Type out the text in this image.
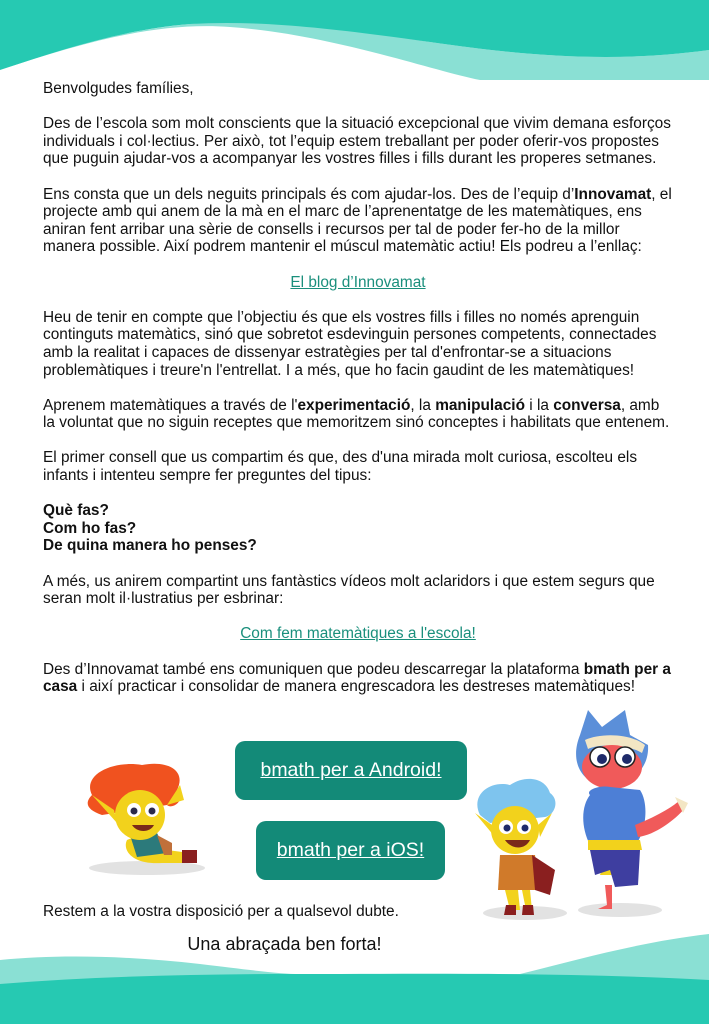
Benvolgudes famílies,

Des de l’escola som molt conscients que la situació excepcional que vivim demana esforços individuals i col·lectius. Per això, tot l’equip estem treballant per poder oferir-vos propostes que puguin ajudar-vos a acompanyar les vostres filles i fills durant les properes setmanes.

Ens consta que un dels neguits principals és com ajudar-los. Des de l’equip d’Innovamat, el projecte amb qui anem de la mà en el marc de l’aprenentatge de les matemàtiques, ens aniran fent arribar una sèrie de consells i recursos per tal de poder fer-ho de la millor manera possible. Així podrem mantenir el múscul matemàtic actiu! Els podreu a l’enllaç:

El blog d’Innovamat

Heu de tenir en compte que l’objectiu és que els vostres fills i filles no només aprenguin continguts matemàtics, sinó que sobretot esdevinguin persones competents, connectades amb la realitat i capaces de dissenyar estratègies per tal d'enfrontar-se a situacions problemàtiques i treure'n l'entrellat. I a més, que ho facin gaudint de les matemàtiques!

Aprenem matemàtiques a través de l'experimentació, la manipulació i la conversa, amb la voluntat que no siguin receptes que memoritzem sinó conceptes i habilitats que entenem.

El primer consell que us compartim és que, des d'una mirada molt curiosa, escolteu els infants i intenteu sempre fer preguntes del tipus:

Què fas?

Com ho fas?

De quina manera ho penses?

A més, us anirem compartint uns fantàstics vídeos molt aclaridors i que estem segurs que seran molt il·lustratius per esbrinar:

Com fem matemàtiques a l'escola!

Des d’Innovamat també ens comuniquen que podeu descarregar la plataforma bmath per a casa i així practicar i consolidar de manera engrescadora les destreses matemàtiques!

bmath per a Android!
bmath per a iOS!

Restem a la vostra disposició per a qualsevol dubte.

Una abraçada ben forta!
